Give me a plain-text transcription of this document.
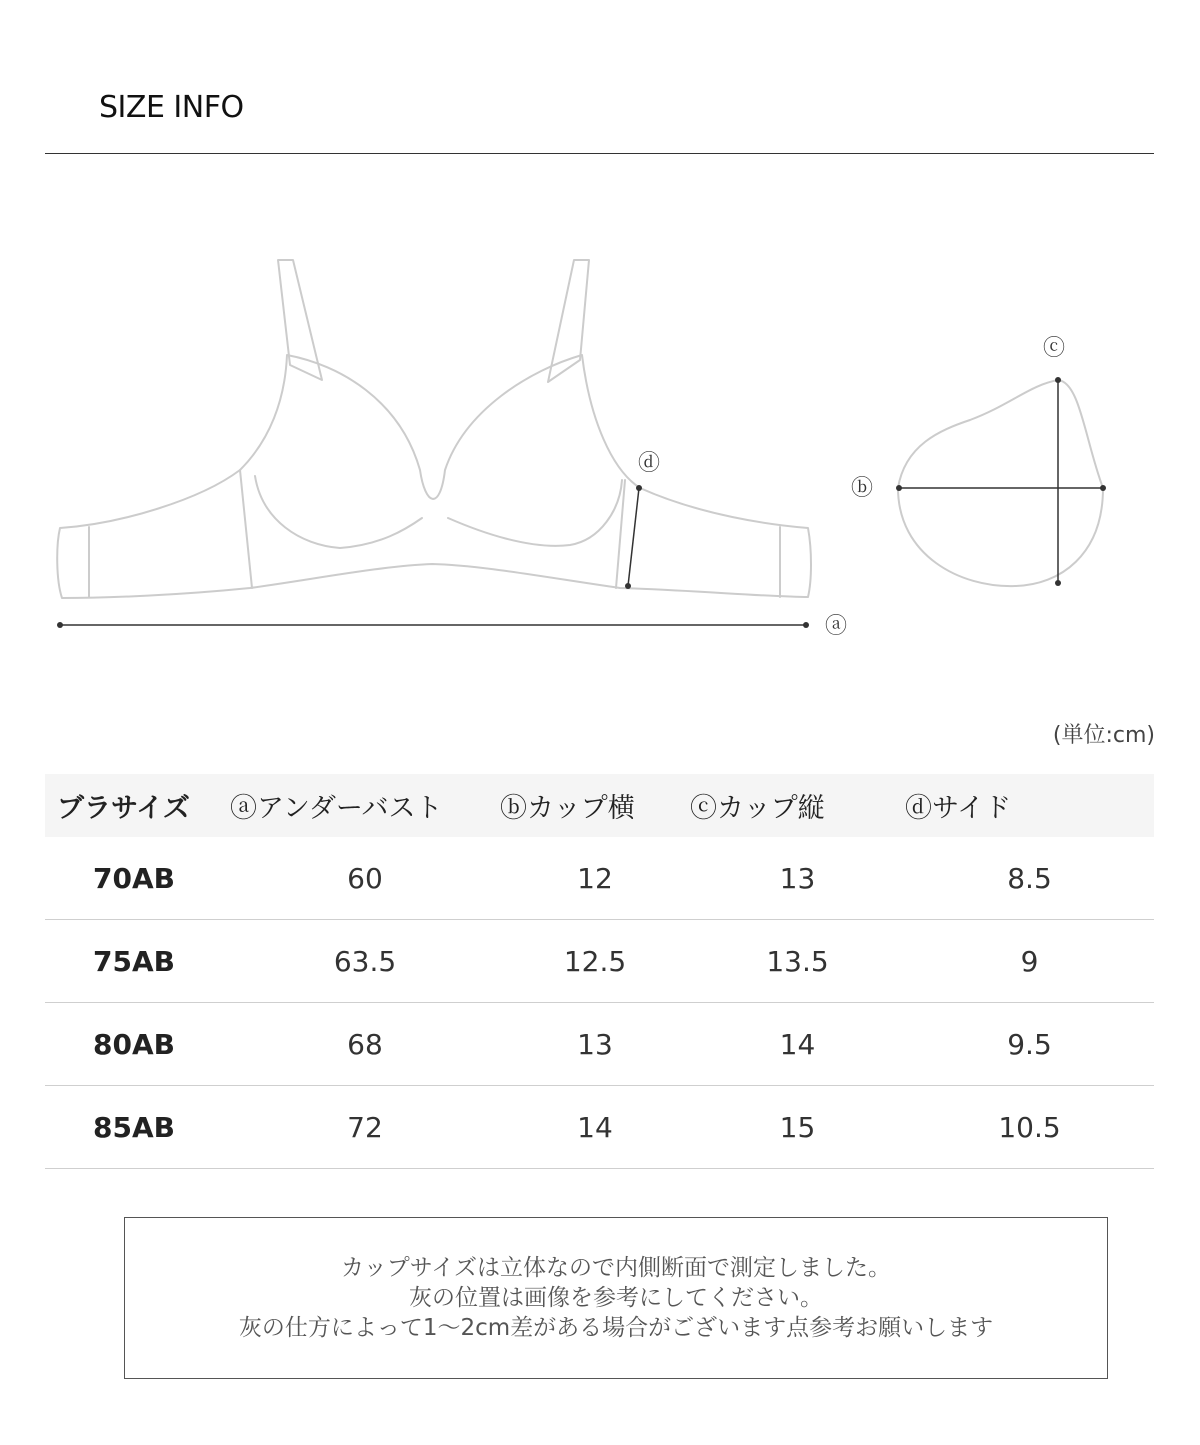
SIZE INFO
ⓐ
ⓓ
ⓑ
ⓒ
(単位:cm)
ブラサイズ	ⓐアンダーバスト	ⓑカップ横	ⓒカップ縦	ⓓサイド
70AB	60	12	13	8.5
75AB	63.5	12.5	13.5	9
80AB	68	13	14	9.5
85AB	72	14	15	10.5
カップサイズは立体なので内側断面で測定しました。
灰の位置は画像を参考にしてください。
灰の仕方によって1～2cm差がある場合がございます点参考お願いします
